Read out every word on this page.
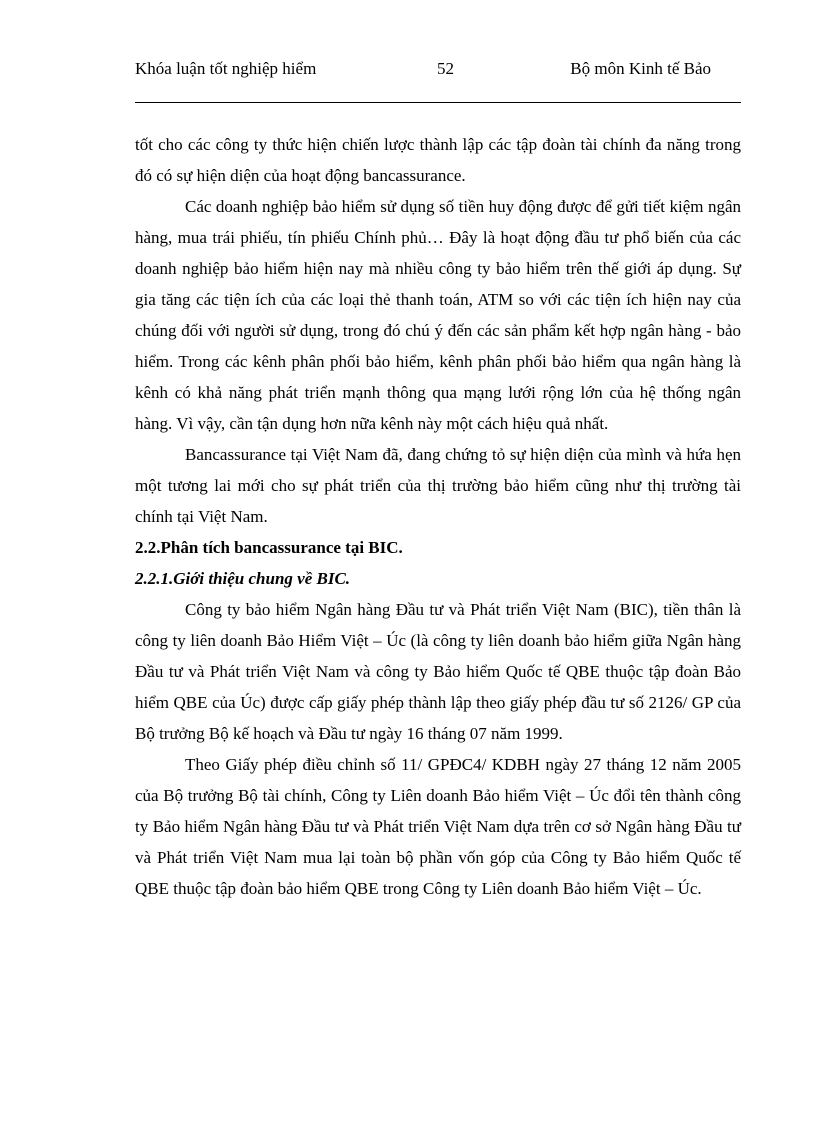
Khóa luận tốt nghiệp hiểm	52	Bộ môn Kinh tế Bảo

tốt cho các công ty thức hiện chiến lược thành lập các tập đoàn tài chính đa năng trong đó có sự hiện diện của hoạt động bancassurance.

Các doanh nghiệp bảo hiểm sử dụng số tiền huy động được để gửi tiết kiệm ngân hàng, mua trái phiếu, tín phiếu Chính phủ… Đây là hoạt động đầu tư phổ biến của các doanh nghiệp bảo hiểm hiện nay mà nhiều công ty bảo hiểm trên thế giới áp dụng. Sự gia tăng các tiện ích của các loại thẻ thanh toán, ATM so với các tiện ích hiện nay của chúng đối với người sử dụng, trong đó chú ý đến các sản phẩm kết hợp ngân hàng - bảo hiểm. Trong các kênh phân phối bảo hiểm, kênh phân phối bảo hiểm qua ngân hàng là kênh có khả năng phát triển mạnh thông qua mạng lưới rộng lớn của hệ thống ngân hàng. Vì vậy, cần tận dụng hơn nữa kênh này một cách hiệu quả nhất.

Bancassurance tại Việt Nam đã, đang chứng tỏ sự hiện diện của mình và hứa hẹn một tương lai mới cho sự phát triển của thị trường bảo hiểm cũng như thị trường tài chính tại Việt Nam.

2.2.Phân tích bancassurance tại BIC.
2.2.1.Giới thiệu chung về BIC.

Công ty bảo hiểm Ngân hàng Đầu tư và Phát triển Việt Nam (BIC), tiền thân là công ty liên doanh Bảo Hiểm Việt – Úc (là công ty liên doanh bảo hiểm giữa Ngân hàng Đầu tư và Phát triển Việt Nam và công ty Bảo hiểm Quốc tế QBE thuộc tập đoàn Bảo hiểm QBE của Úc) được cấp giấy phép thành lập theo giấy phép đầu tư số 2126/ GP của Bộ trưởng Bộ kế hoạch và Đầu tư ngày 16 tháng 07 năm 1999.

Theo Giấy phép điều chỉnh số 11/ GPĐC4/ KDBH ngày 27 tháng 12 năm 2005 của Bộ trưởng Bộ tài chính, Công ty Liên doanh Bảo hiểm Việt – Úc đổi tên thành công ty Bảo hiểm Ngân hàng Đầu tư và Phát triển Việt Nam dựa trên cơ sở Ngân hàng Đầu tư và Phát triển Việt Nam mua lại toàn bộ phần vốn góp của Công ty Bảo hiểm Quốc tế QBE thuộc tập đoàn bảo hiểm QBE trong Công ty Liên doanh Bảo hiểm Việt – Úc.
